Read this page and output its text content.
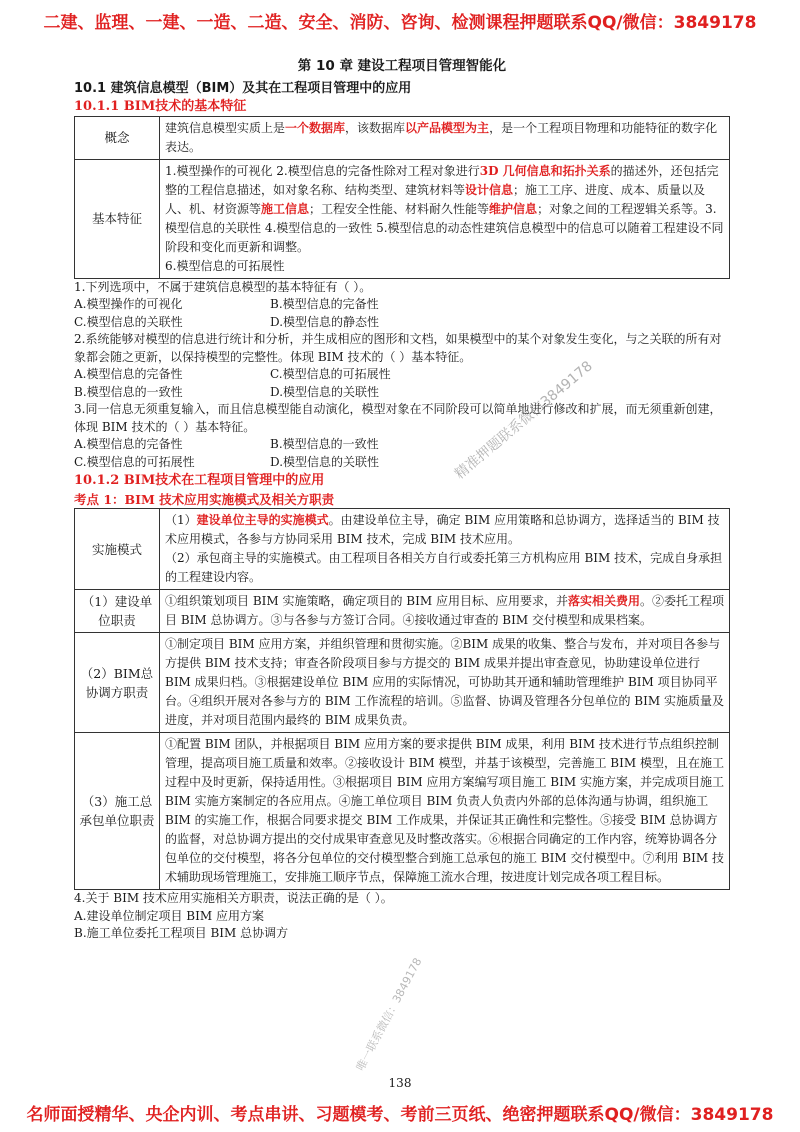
二建、监理、一建、一造、二造、安全、消防、咨询、检测课程押题联系QQ/微信：3849178
第 10 章 建设工程项目管理智能化
10.1 建筑信息模型（BIM）及其在工程项目管理中的应用
10.1.1 BIM技术的基本特征
概念	建筑信息模型实质上是一个数据库，该数据库以产品模型为主，是一个工程项目物理和功能特征的数字化表达。
基本特征	1.模型操作的可视化 2.模型信息的完备性除对工程对象进行3D 几何信息和拓扑关系的描述外，还包括完整的工程信息描述，如对象名称、结构类型、建筑材料等设计信息；施工工序、进度、成本、质量以及人、机、材资源等施工信息；工程安全性能、材料耐久性能等维护信息；对象之间的工程逻辑关系等。3.模型信息的关联性 4.模型信息的一致性 5.模型信息的动态性建筑信息模型中的信息可以随着工程建设不同阶段和变化而更新和调整。
6.模型信息的可拓展性

1.下列选项中，不属于建筑信息模型的基本特征有（ ）。

A.模型操作的可视化	B.模型信息的完备性
C.模型信息的关联性	D.模型信息的静态性

2.系统能够对模型的信息进行统计和分析，并生成相应的图形和文档，如果模型中的某个对象发生变化，与之关联的所有对象都会随之更新，以保持模型的完整性。体现 BIM 技术的（ ）基本特征。

A.模型信息的完备性	C.模型信息的可拓展性
B.模型信息的一致性	D.模型信息的关联性

3.同一信息无须重复输入，而且信息模型能自动演化，模型对象在不同阶段可以简单地进行修改和扩展，而无须重新创建，体现 BIM 技术的（ ）基本特征。

A.模型信息的完备性	B.模型信息的一致性
C.模型信息的可拓展性	D.模型信息的关联性
10.1.2 BIM技术在工程项目管理中的应用
考点 1：BIM 技术应用实施模式及相关方职责
实施模式	（1）建设单位主导的实施模式。由建设单位主导，确定 BIM 应用策略和总协调方，选择适当的 BIM 技术应用模式，各参与方协同采用 BIM 技术，完成 BIM 技术应用。
（2）承包商主导的实施模式。由工程项目各相关方自行或委托第三方机构应用 BIM 技术，完成自身承担的工程建设内容。
（1）建设单位职责	①组织策划项目 BIM 实施策略，确定项目的 BIM 应用目标、应用要求，并落实相关费用。②委托工程项目 BIM 总协调方。③与各参与方签订合同。④接收通过审查的 BIM 交付模型和成果档案。
（2）BIM总协调方职责	①制定项目 BIM 应用方案，并组织管理和贯彻实施。②BIM 成果的收集、整合与发布，并对项目各参与方提供 BIM 技术支持；审查各阶段项目参与方提交的 BIM 成果并提出审查意见，协助建设单位进行 BIM 成果归档。③根据建设单位 BIM 应用的实际情况，可协助其开通和辅助管理维护 BIM 项目协同平台。④组织开展对各参与方的 BIM 工作流程的培训。⑤监督、协调及管理各分包单位的 BIM 实施质量及进度，并对项目范围内最终的 BIM 成果负责。
（3）施工总承包单位职责	①配置 BIM 团队，并根据项目 BIM 应用方案的要求提供 BIM 成果，利用 BIM 技术进行节点组织控制管理，提高项目施工质量和效率。②接收设计 BIM 模型，并基于该模型，完善施工 BIM 模型，且在施工过程中及时更新，保持适用性。③根据项目 BIM 应用方案编写项目施工 BIM 实施方案，并完成项目施工 BIM 实施方案制定的各应用点。④施工单位项目 BIM 负责人负责内外部的总体沟通与协调，组织施工 BIM 的实施工作，根据合同要求提交 BIM 工作成果，并保证其正确性和完整性。⑤接受 BIM 总协调方的监督，对总协调方提出的交付成果审查意见及时整改落实。⑥根据合同确定的工作内容，统筹协调各分包单位的交付模型，将各分包单位的交付模型整合到施工总承包的施工 BIM 交付模型中。⑦利用 BIM 技术辅助现场管理施工，安排施工顺序节点，保障施工流水合理，按进度计划完成各项工程目标。

4.关于 BIM 技术应用实施相关方职责，说法正确的是（ ）。

A.建设单位制定项目 BIM 应用方案

B.施工单位委托工程项目 BIM 总协调方

精准押题联系微信3849178
唯一联系微信：3849178
138
名师面授精华、央企内训、考点串讲、习题模考、考前三页纸、绝密押题联系QQ/微信：3849178
